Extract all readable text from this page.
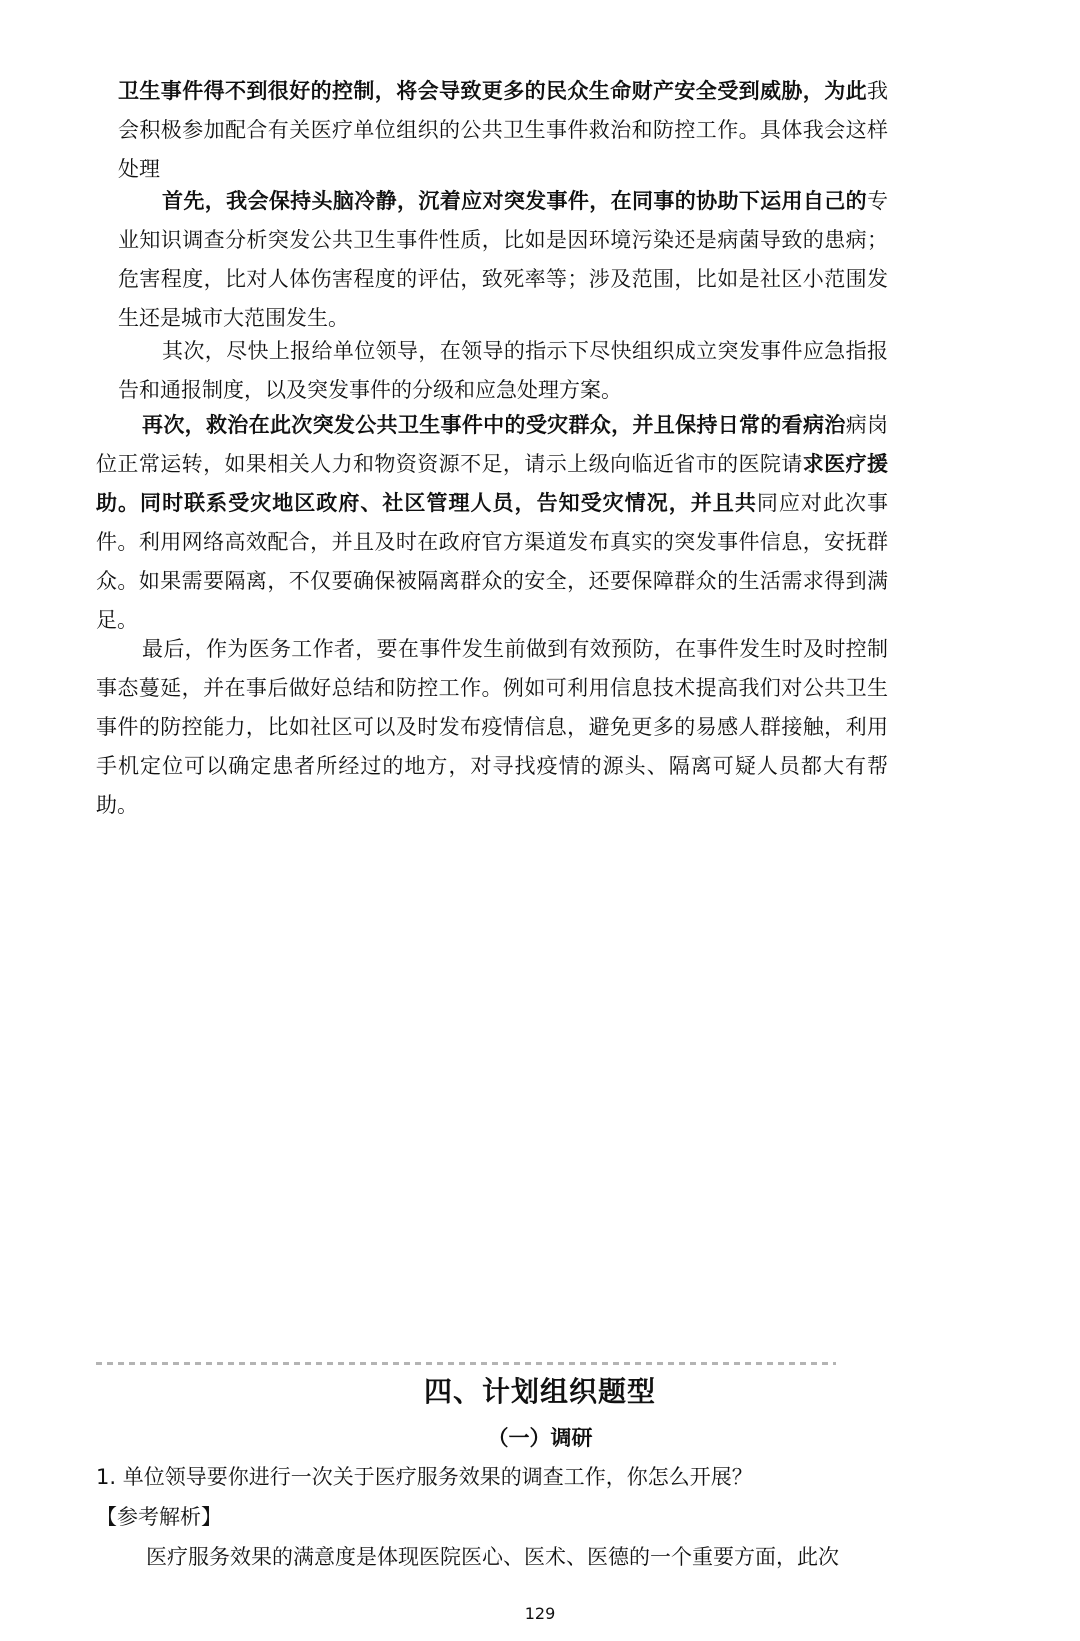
卫生事件得不到很好的控制，将会导致更多的民众生命财产安全受到威胁，为此我会积极参加配合有关医疗单位组织的公共卫生事件救治和防控工作。具体我会这样处理

首先，我会保持头脑冷静，沉着应对突发事件，在同事的协助下运用自己的专业知识调查分析突发公共卫生事件性质，比如是因环境污染还是病菌导致的患病；危害程度，比对人体伤害程度的评估，致死率等；涉及范围，比如是社区小范围发生还是城市大范围发生。

其次，尽快上报给单位领导，在领导的指示下尽快组织成立突发事件应急指报告和通报制度，以及突发事件的分级和应急处理方案。

再次，救治在此次突发公共卫生事件中的受灾群众，并且保持日常的看病治病岗位正常运转，如果相关人力和物资资源不足，请示上级向临近省市的医院请求医疗援助。同时联系受灾地区政府、社区管理人员，告知受灾情况，并且共同应对此次事件。利用网络高效配合，并且及时在政府官方渠道发布真实的突发事件信息，安抚群众。如果需要隔离，不仅要确保被隔离群众的安全，还要保障群众的生活需求得到满足。

最后，作为医务工作者，要在事件发生前做到有效预防，在事件发生时及时控制事态蔓延，并在事后做好总结和防控工作。例如可利用信息技术提高我们对公共卫生事件的防控能力，比如社区可以及时发布疫情信息，避免更多的易感人群接触，利用手机定位可以确定患者所经过的地方，对寻找疫情的源头、隔离可疑人员都大有帮助。

四、计划组织题型
（一）调研
1. 单位领导要你进行一次关于医疗服务效果的调查工作，你怎么开展？
【参考解析】
医疗服务效果的满意度是体现医院医心、医术、医德的一个重要方面，此次
129
